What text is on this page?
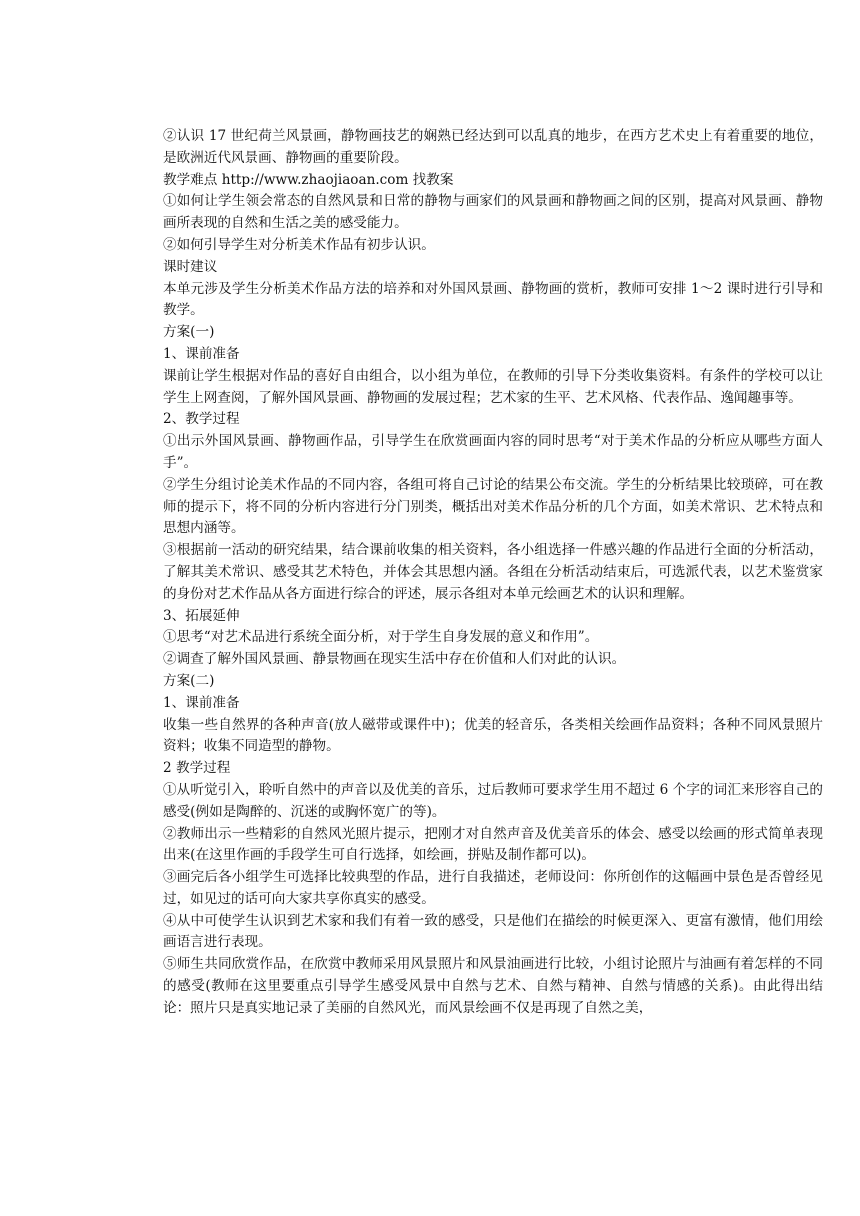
②认识 17 世纪荷兰风景画，静物画技艺的娴熟已经达到可以乱真的地步，在西方艺术史上有着重要的地位，是欧洲近代风景画、静物画的重要阶段。

教学难点 http://www.zhaojiaoan.com 找教案

①如何让学生领会常态的自然风景和日常的静物与画家们的风景画和静物画之间的区别，提高对风景画、静物画所表现的自然和生活之美的感受能力。

②如何引导学生对分析美术作品有初步认识。

课时建议

本单元涉及学生分析美术作品方法的培养和对外国风景画、静物画的赏析，教师可安排 1～2 课时进行引导和教学。

方案(一)

1、课前准备

课前让学生根据对作品的喜好自由组合，以小组为单位，在教师的引导下分类收集资料。有条件的学校可以让学生上网查阅，了解外国风景画、静物画的发展过程；艺术家的生平、艺术风格、代表作品、逸闻趣事等。

2、教学过程

①出示外国风景画、静物画作品，引导学生在欣赏画面内容的同时思考“对于美术作品的分析应从哪些方面人手”。

②学生分组讨论美术作品的不同内容，各组可将自己讨论的结果公布交流。学生的分析结果比较琐碎，可在教师的提示下，将不同的分析内容进行分门别类，概括出对美术作品分析的几个方面，如美术常识、艺术特点和思想内涵等。

③根据前一活动的研究结果，结合课前收集的相关资料，各小组选择一件感兴趣的作品进行全面的分析活动，了解其美术常识、感受其艺术特色，并体会其思想内涵。各组在分析活动结束后，可选派代表，以艺术鉴赏家的身份对艺术作品从各方面进行综合的评述，展示各组对本单元绘画艺术的认识和理解。

3、拓展延伸

①思考“对艺术品进行系统全面分析，对于学生自身发展的意义和作用”。

②调查了解外国风景画、静景物画在现实生活中存在价值和人们对此的认识。

方案(二)

1、课前准备

收集一些自然界的各种声音(放人磁带或课件中)；优美的轻音乐，各类相关绘画作品资料；各种不同风景照片资料；收集不同造型的静物。

2 教学过程

①从听觉引入，聆听自然中的声音以及优美的音乐，过后教师可要求学生用不超过 6 个字的词汇来形容自己的感受(例如是陶醉的、沉迷的或胸怀宽广的等)。

②教师出示一些精彩的自然风光照片提示，把刚才对自然声音及优美音乐的体会、感受以绘画的形式简单表现出来(在这里作画的手段学生可自行选择，如绘画，拼贴及制作都可以)。

③画完后各小组学生可选择比较典型的作品，进行自我描述，老师设问：你所创作的这幅画中景色是否曾经见过，如见过的话可向大家共享你真实的感受。

④从中可使学生认识到艺术家和我们有着一致的感受，只是他们在描绘的时候更深入、更富有激情，他们用绘画语言进行表现。

⑤师生共同欣赏作品，在欣赏中教师采用风景照片和风景油画进行比较，小组讨论照片与油画有着怎样的不同的感受(教师在这里要重点引导学生感受风景中自然与艺术、自然与精神、自然与情感的关系)。由此得出结论：照片只是真实地记录了美丽的自然风光，而风景绘画不仅是再现了自然之美，
